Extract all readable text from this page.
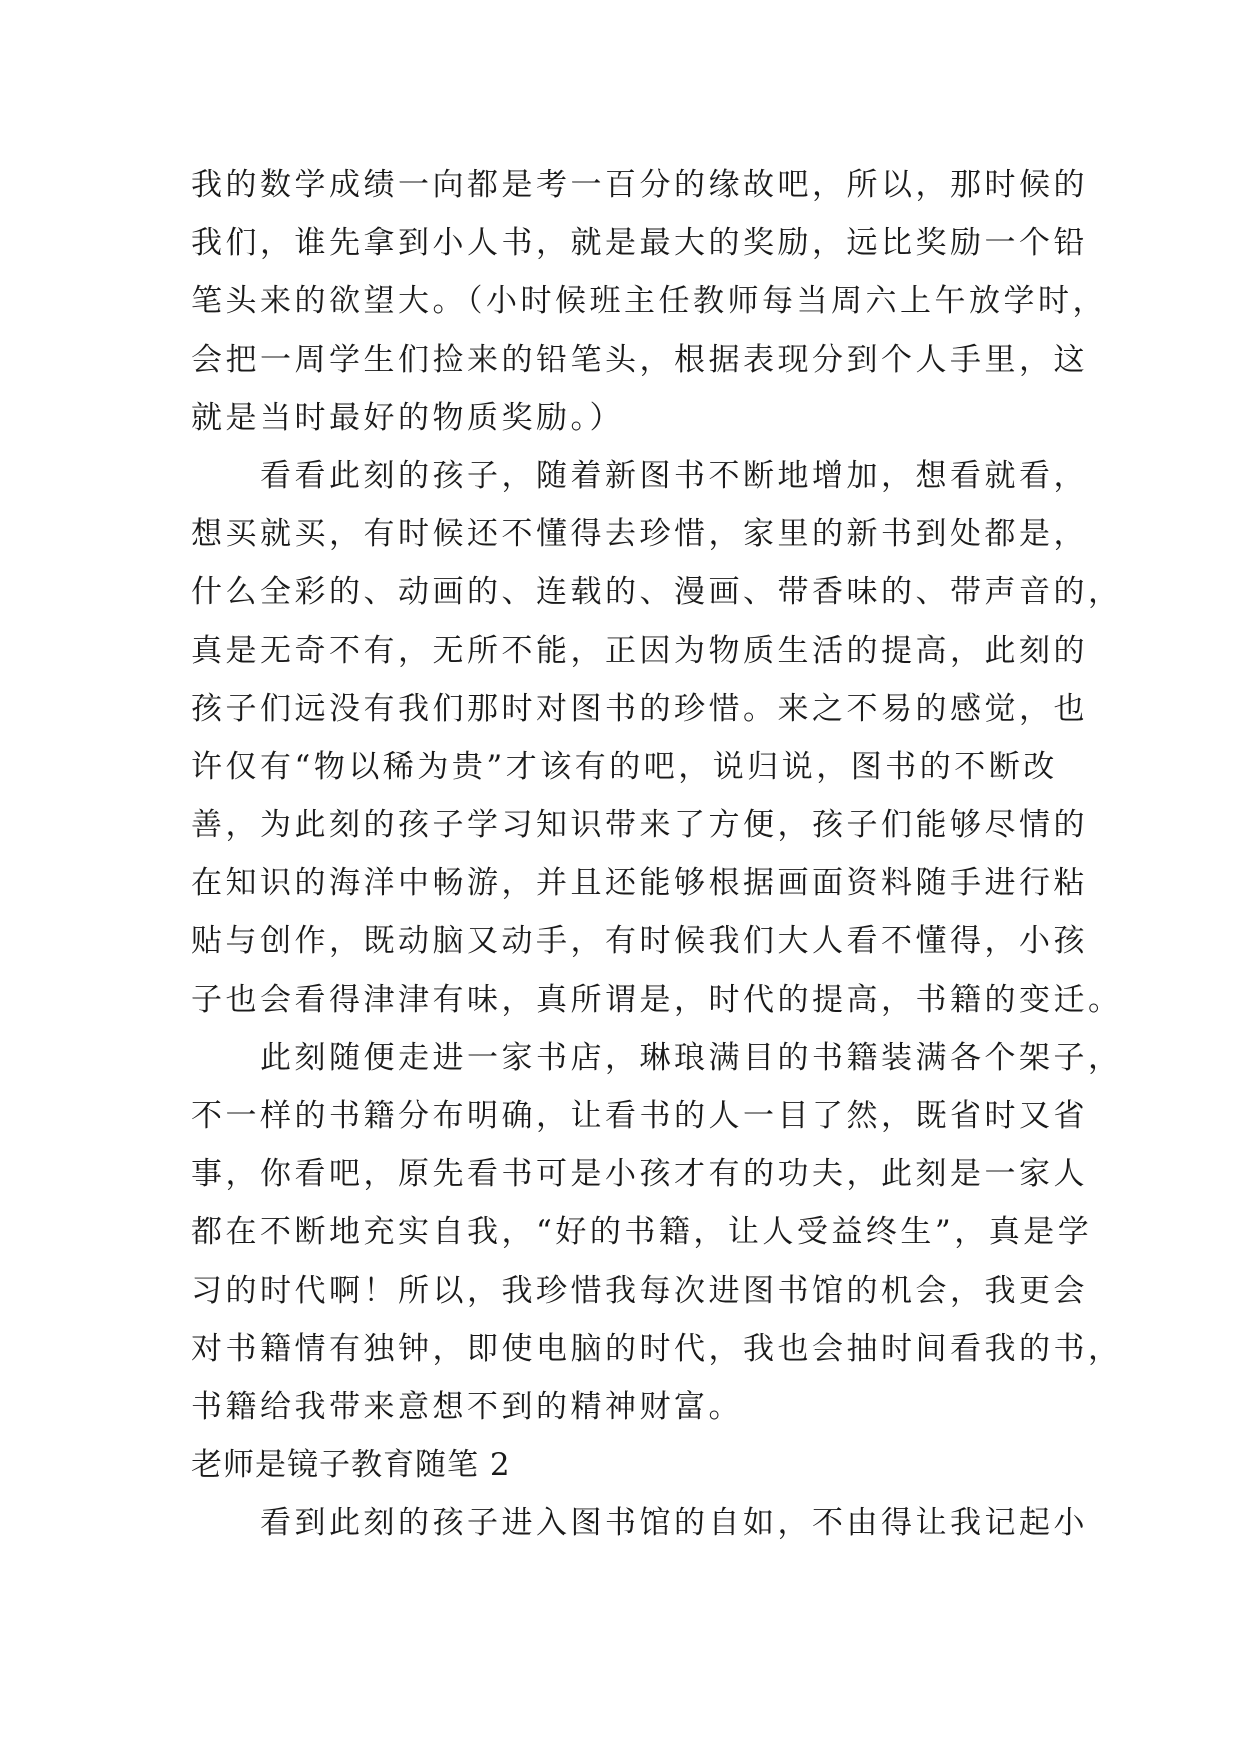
我的数学成绩一向都是考一百分的缘故吧，所以，那时候的
我们，谁先拿到小人书，就是最大的奖励，远比奖励一个铅
笔头来的欲望大。（小时候班主任教师每当周六上午放学时，
会把一周学生们捡来的铅笔头，根据表现分到个人手里，这
就是当时最好的物质奖励。）
　　看看此刻的孩子，随着新图书不断地增加，想看就看，
想买就买，有时候还不懂得去珍惜，家里的新书到处都是，
什么全彩的、动画的、连载的、漫画、带香味的、带声音的，
真是无奇不有，无所不能，正因为物质生活的提高，此刻的
孩子们远没有我们那时对图书的珍惜。来之不易的感觉，也
许仅有“物以稀为贵”才该有的吧，说归说，图书的不断改
善，为此刻的孩子学习知识带来了方便，孩子们能够尽情的
在知识的海洋中畅游，并且还能够根据画面资料随手进行粘
贴与创作，既动脑又动手，有时候我们大人看不懂得，小孩
子也会看得津津有味，真所谓是，时代的提高，书籍的变迁。
　　此刻随便走进一家书店，琳琅满目的书籍装满各个架子，
不一样的书籍分布明确，让看书的人一目了然，既省时又省
事，你看吧，原先看书可是小孩才有的功夫，此刻是一家人
都在不断地充实自我，“好的书籍，让人受益终生”，真是学
习的时代啊！所以，我珍惜我每次进图书馆的机会，我更会
对书籍情有独钟，即使电脑的时代，我也会抽时间看我的书，
书籍给我带来意想不到的精神财富。
老师是镜子教育随笔 2
　　看到此刻的孩子进入图书馆的自如，不由得让我记起小
